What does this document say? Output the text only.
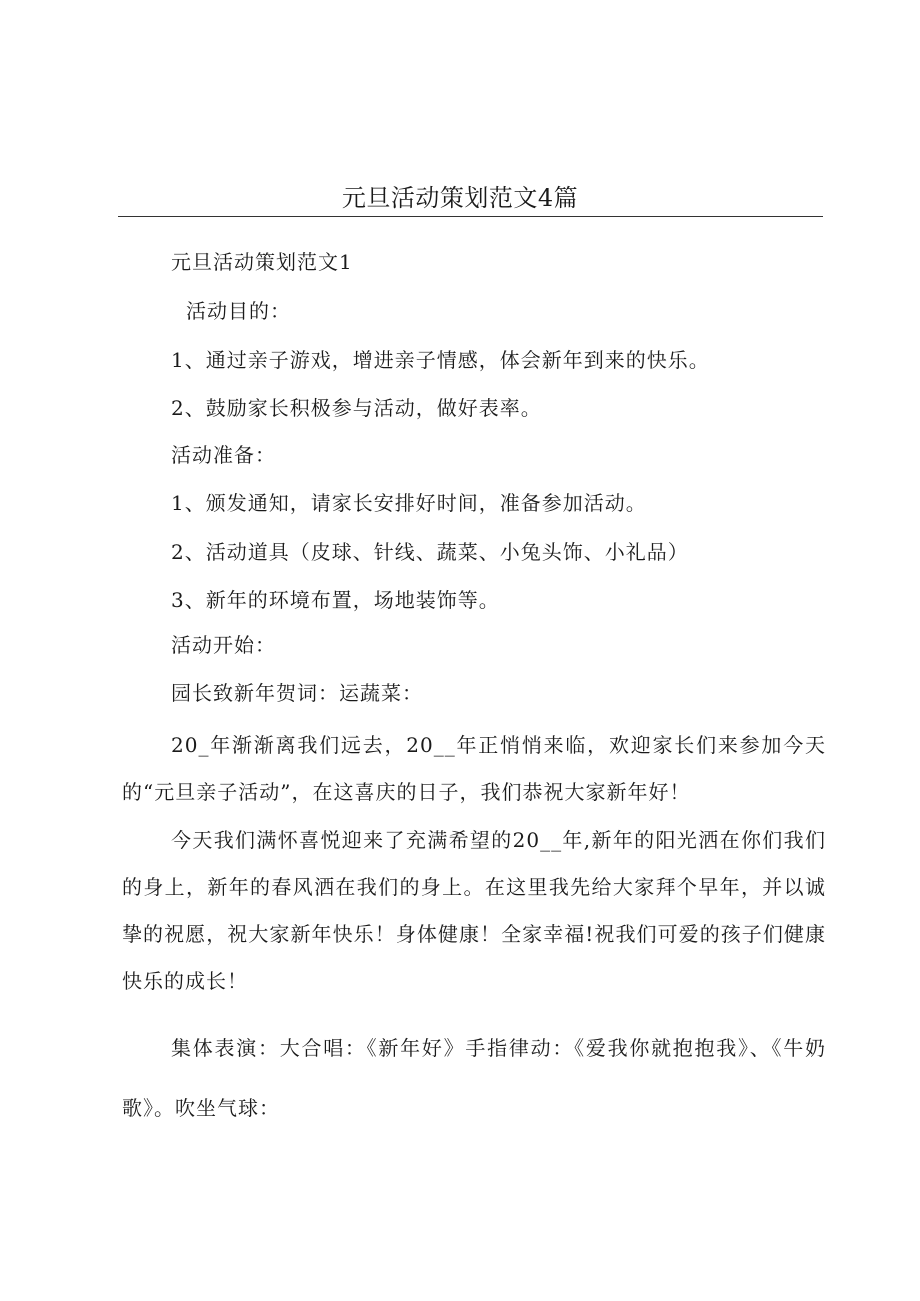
元旦活动策划范文4篇
元旦活动策划范文1
活动目的：
1、通过亲子游戏，增进亲子情感，体会新年到来的快乐。
2、鼓励家长积极参与活动，做好表率。
活动准备：
1、颁发通知，请家长安排好时间，准备参加活动。
2、活动道具（皮球、针线、蔬菜、小兔头饰、小礼品）
3、新年的环境布置，场地装饰等。
活动开始：
园长致新年贺词：运蔬菜：
20_年渐渐离我们远去，20__年正悄悄来临，欢迎家长们来参加今天的“元旦亲子活动”，在这喜庆的日子，我们恭祝大家新年好！
今天我们满怀喜悦迎来了充满希望的20__年,新年的阳光洒在你们我们的身上，新年的春风洒在我们的身上。在这里我先给大家拜个早年，并以诚挚的祝愿，祝大家新年快乐！身体健康！全家幸福!祝我们可爱的孩子们健康快乐的成长！
集体表演：大合唱：《新年好》手指律动：《爱我你就抱抱我》、《牛奶歌》。吹坐气球：
